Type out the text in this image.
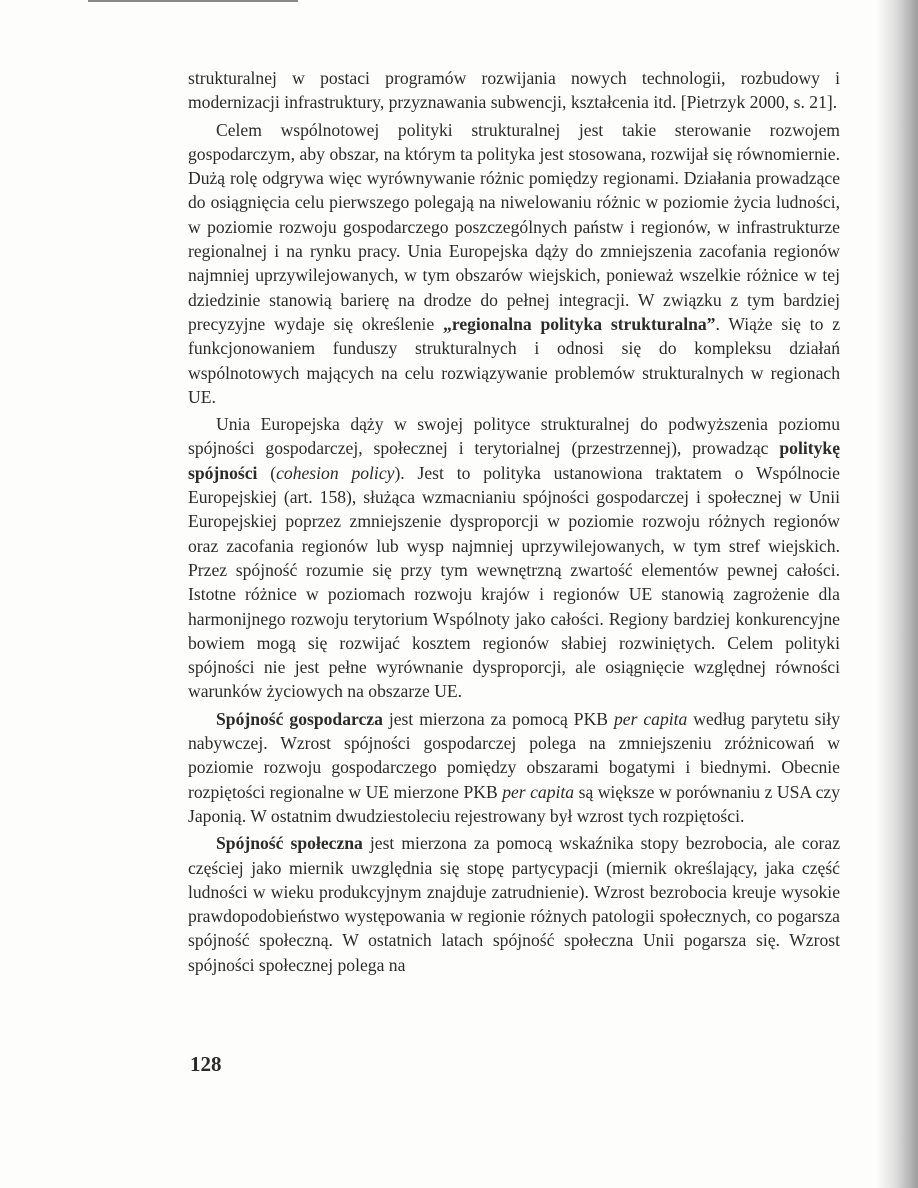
strukturalnej w postaci programów rozwijania nowych technologii, rozbudowy i modernizacji infrastruktury, przyznawania subwencji, kształcenia itd. [Pietrzyk 2000, s. 21].

Celem wspólnotowej polityki strukturalnej jest takie sterowanie rozwojem gospodarczym, aby obszar, na którym ta polityka jest stosowana, rozwijał się równomiernie. Dużą rolę odgrywa więc wyrównywanie różnic pomiędzy regionami. Działania prowadzące do osiągnięcia celu pierwszego polegają na niwelowaniu różnic w poziomie życia ludności, w poziomie rozwoju gospodarczego poszczególnych państw i regionów, w infrastrukturze regionalnej i na rynku pracy. Unia Europejska dąży do zmniejszenia zacofania regionów najmniej uprzywilejowanych, w tym obszarów wiejskich, ponieważ wszelkie różnice w tej dziedzinie stanowią barierę na drodze do pełnej integracji. W związku z tym bardziej precyzyjne wydaje się określenie „regionalna polityka strukturalna”. Wiąże się to z funkcjonowaniem funduszy strukturalnych i odnosi się do kompleksu działań wspólnotowych mających na celu rozwiązywanie problemów strukturalnych w regionach UE.

Unia Europejska dąży w swojej polityce strukturalnej do podwyższenia poziomu spójności gospodarczej, społecznej i terytorialnej (przestrzennej), prowadząc politykę spójności (cohesion policy). Jest to polityka ustanowiona traktatem o Wspólnocie Europejskiej (art. 158), służąca wzmacnianiu spójności gospodarczej i społecznej w Unii Europejskiej poprzez zmniejszenie dysproporcji w poziomie rozwoju różnych regionów oraz zacofania regionów lub wysp najmniej uprzywilejowanych, w tym stref wiejskich. Przez spójność rozumie się przy tym wewnętrzną zwartość elementów pewnej całości. Istotne różnice w poziomach rozwoju krajów i regionów UE stanowią zagrożenie dla harmonijnego rozwoju terytorium Wspólnoty jako całości. Regiony bardziej konkurencyjne bowiem mogą się rozwijać kosztem regionów słabiej rozwiniętych. Celem polityki spójności nie jest pełne wyrównanie dysproporcji, ale osiągnięcie względnej równości warunków życiowych na obszarze UE.

Spójność gospodarcza jest mierzona za pomocą PKB per capita według parytetu siły nabywczej. Wzrost spójności gospodarczej polega na zmniejszeniu zróżnicowań w poziomie rozwoju gospodarczego pomiędzy obszarami bogatymi i biednymi. Obecnie rozpiętości regionalne w UE mierzone PKB per capita są większe w porównaniu z USA czy Japonią. W ostatnim dwudziestoleciu rejestrowany był wzrost tych rozpiętości.

Spójność społeczna jest mierzona za pomocą wskaźnika stopy bezrobocia, ale coraz częściej jako miernik uwzględnia się stopę partycypacji (miernik określający, jaka część ludności w wieku produkcyjnym znajduje zatrudnienie). Wzrost bezrobocia kreuje wysokie prawdopodobieństwo występowania w regionie różnych patologii społecznych, co pogarsza spójność społeczną. W ostatnich latach spójność społeczna Unii pogarsza się. Wzrost spójności społecznej polega na

128
